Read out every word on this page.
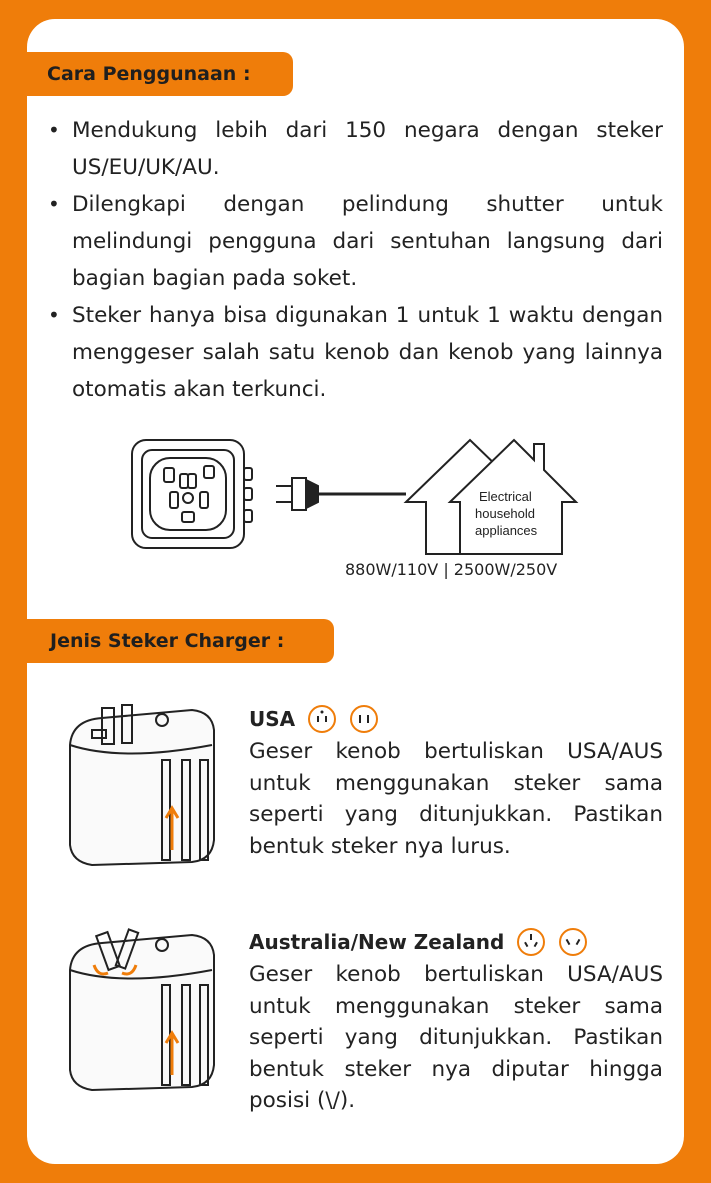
Cara Penggunaan :
• Mendukung lebih dari 150 negara dengan steker US/EU/UK/AU.
• Dilengkapi dengan pelindung shutter untuk melindungi pengguna dari sentuhan langsung dari bagian bagian pada soket.
• Steker hanya bisa digunakan 1 untuk 1 waktu dengan menggeser salah satu kenob dan kenob yang lainnya otomatis akan terkunci.
Electrical
household
appliances
880W/110V | 2500W/250V
Jenis Steker Charger :
USA

Geser kenob bertuliskan USA/AUS untuk menggunakan steker sama seperti yang ditunjukkan. Pastikan bentuk steker nya lurus.

Australia/New Zealand

Geser kenob bertuliskan USA/AUS untuk menggunakan steker sama seperti yang ditunjukkan. Pastikan bentuk steker nya diputar hingga posisi (\/).
